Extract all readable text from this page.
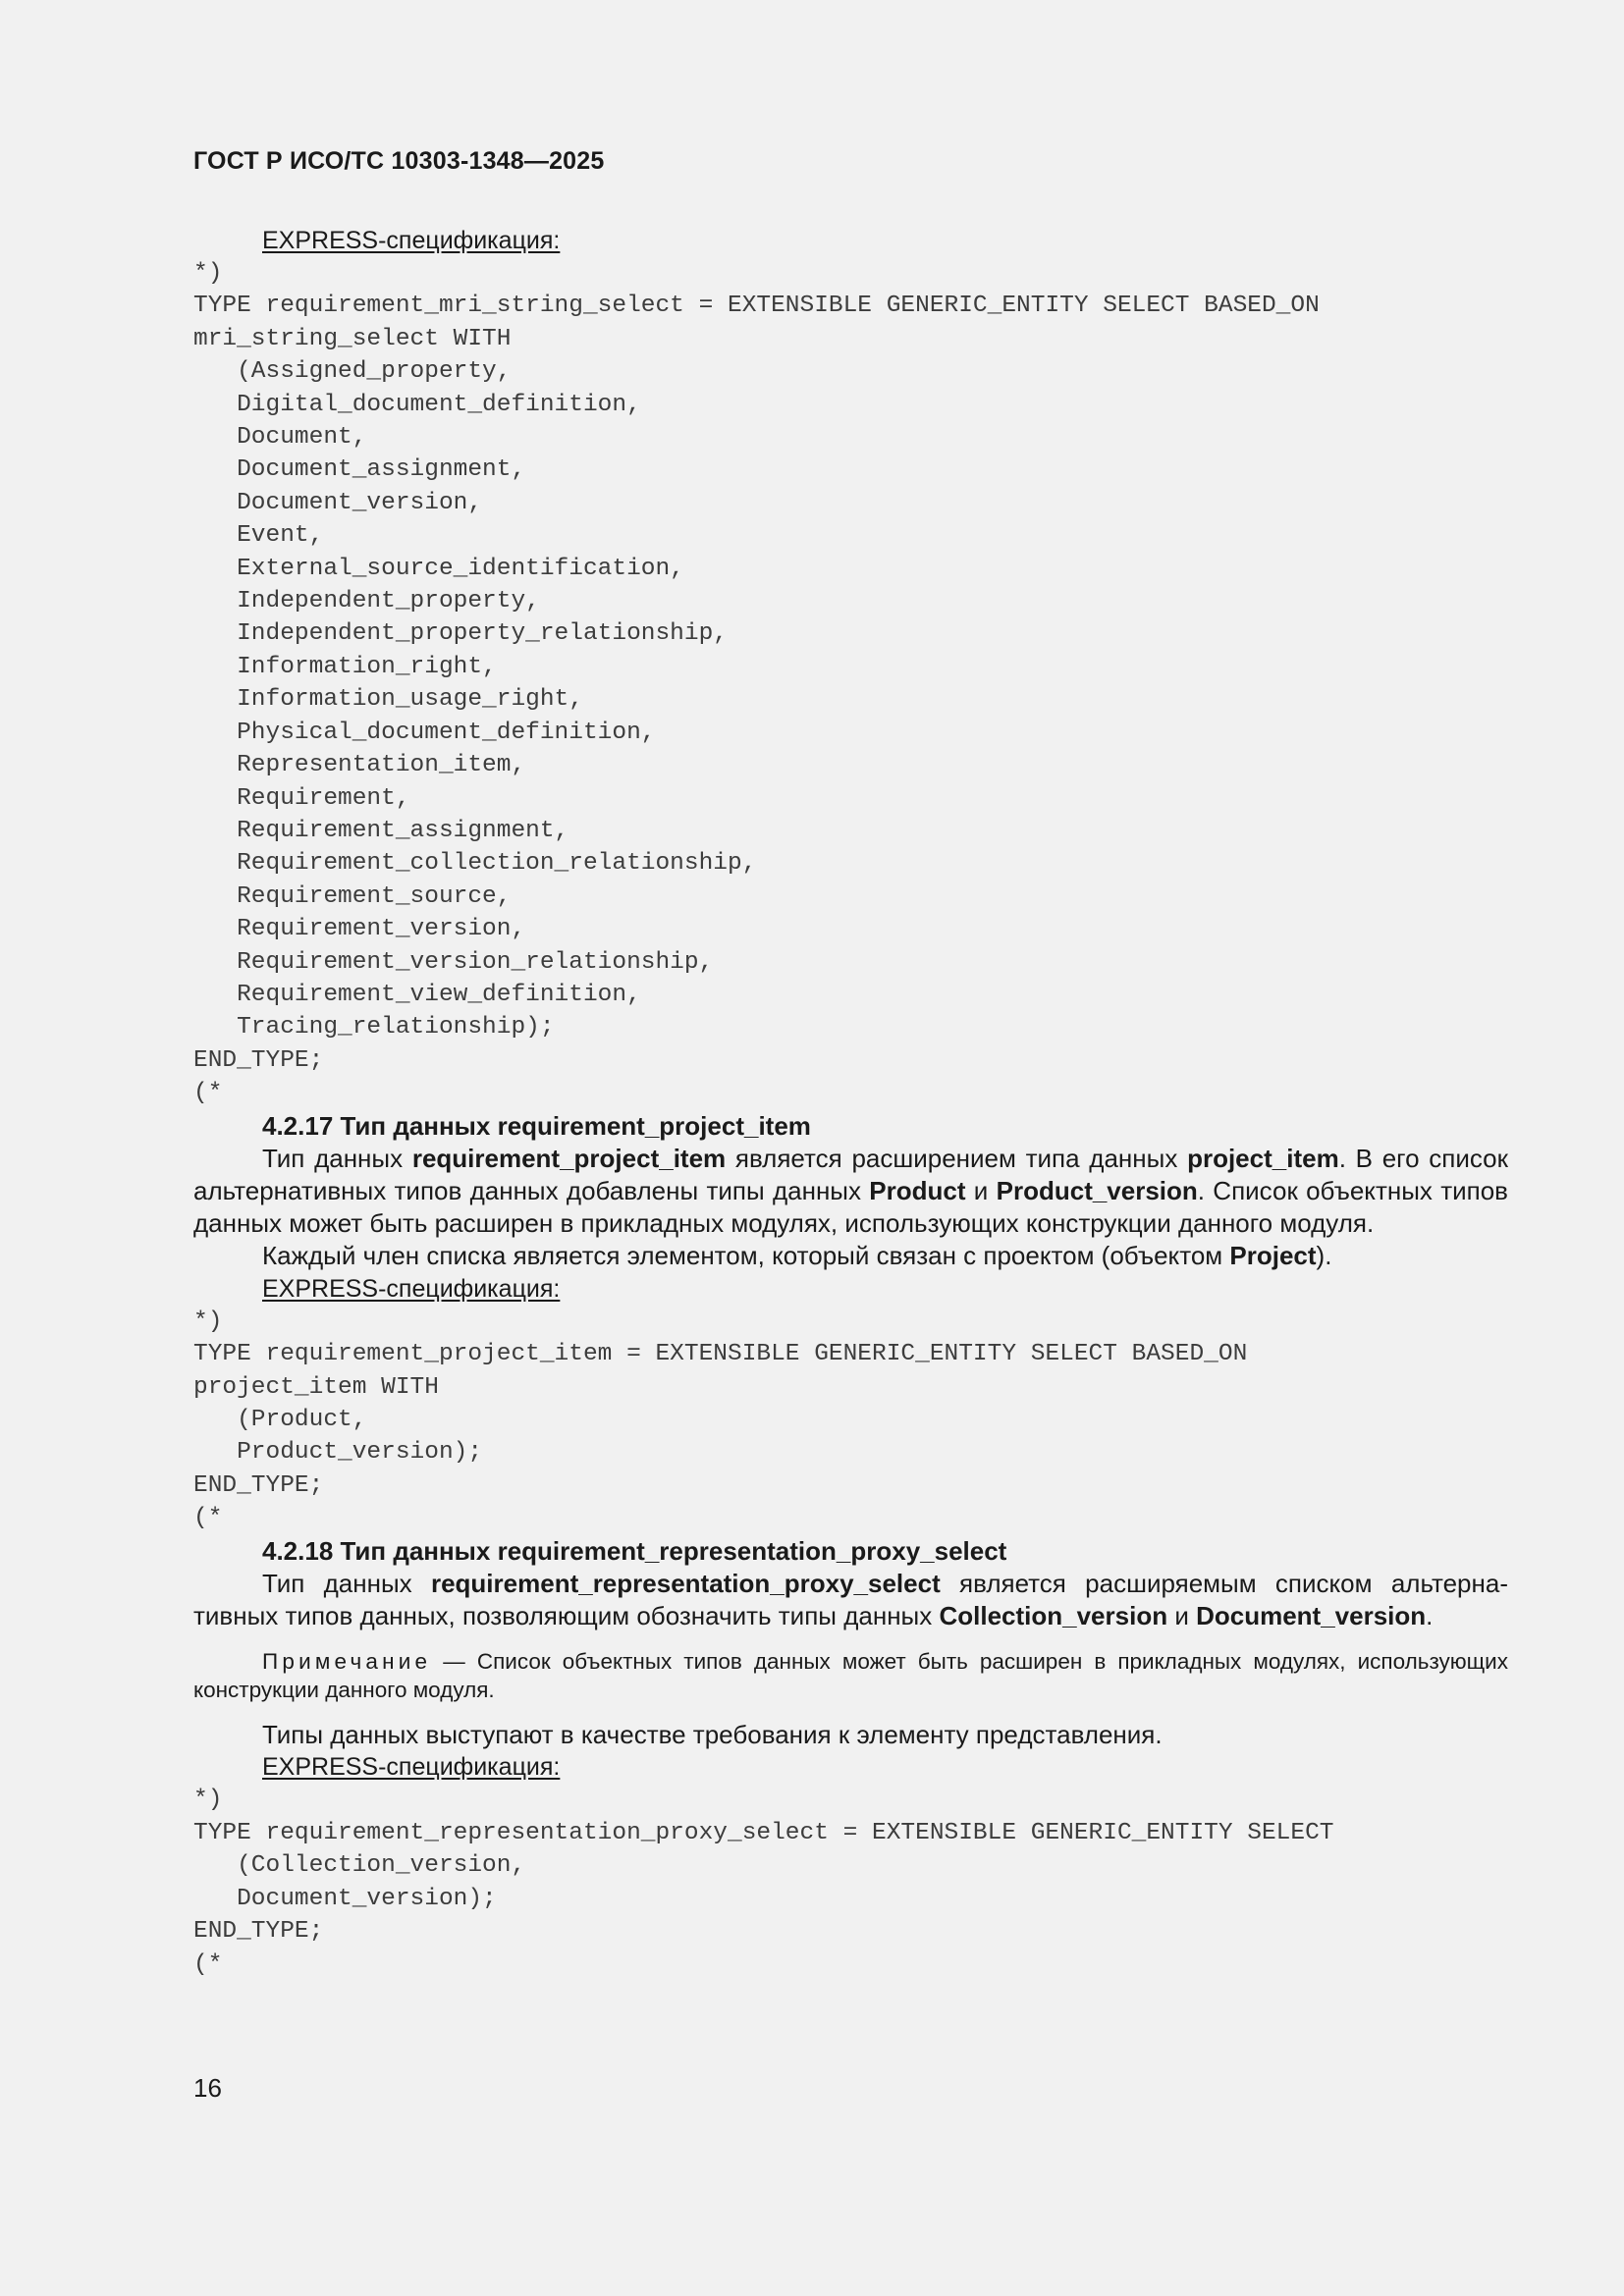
ГОСТ Р ИСО/ТС 10303-1348—2025

EXPRESS-спецификация:

*)
TYPE requirement_mri_string_select = EXTENSIBLE GENERIC_ENTITY SELECT BASED_ON
mri_string_select WITH
(Assigned_property,
Digital_document_definition,
Document,
Document_assignment,
Document_version,
Event,
External_source_identification,
Independent_property,
Independent_property_relationship,
Information_right,
Information_usage_right,
Physical_document_definition,
Representation_item,
Requirement,
Requirement_assignment,
Requirement_collection_relationship,
Requirement_source,
Requirement_version,
Requirement_version_relationship,
Requirement_view_definition,
Tracing_relationship);
END_TYPE;
(*

4.2.17 Тип данных requirement_project_item

Тип данных requirement_project_item является расширением типа данных project_item. В его список альтернативных типов данных добавлены типы данных Product и Product_version. Список объектных типов данных может быть расширен в прикладных модулях, использующих конструкции данного модуля.

Каждый член списка является элементом, который связан с проектом (объектом Project).

EXPRESS-спецификация:

*)
TYPE requirement_project_item = EXTENSIBLE GENERIC_ENTITY SELECT BASED_ON
project_item WITH
(Product,
Product_version);
END_TYPE;
(*

4.2.18 Тип данных requirement_representation_proxy_select

Тип данных requirement_representation_proxy_select является расширяемым списком альтернативных типов данных, позволяющим обозначить типы данных Collection_version и Document_version.

Примечание — Список объектных типов данных может быть расширен в прикладных модулях, использующих конструкции данного модуля.

Типы данных выступают в качестве требования к элементу представления.

EXPRESS-спецификация:

*)
TYPE requirement_representation_proxy_select = EXTENSIBLE GENERIC_ENTITY SELECT
(Collection_version,
Document_version);
END_TYPE;
(*
16
